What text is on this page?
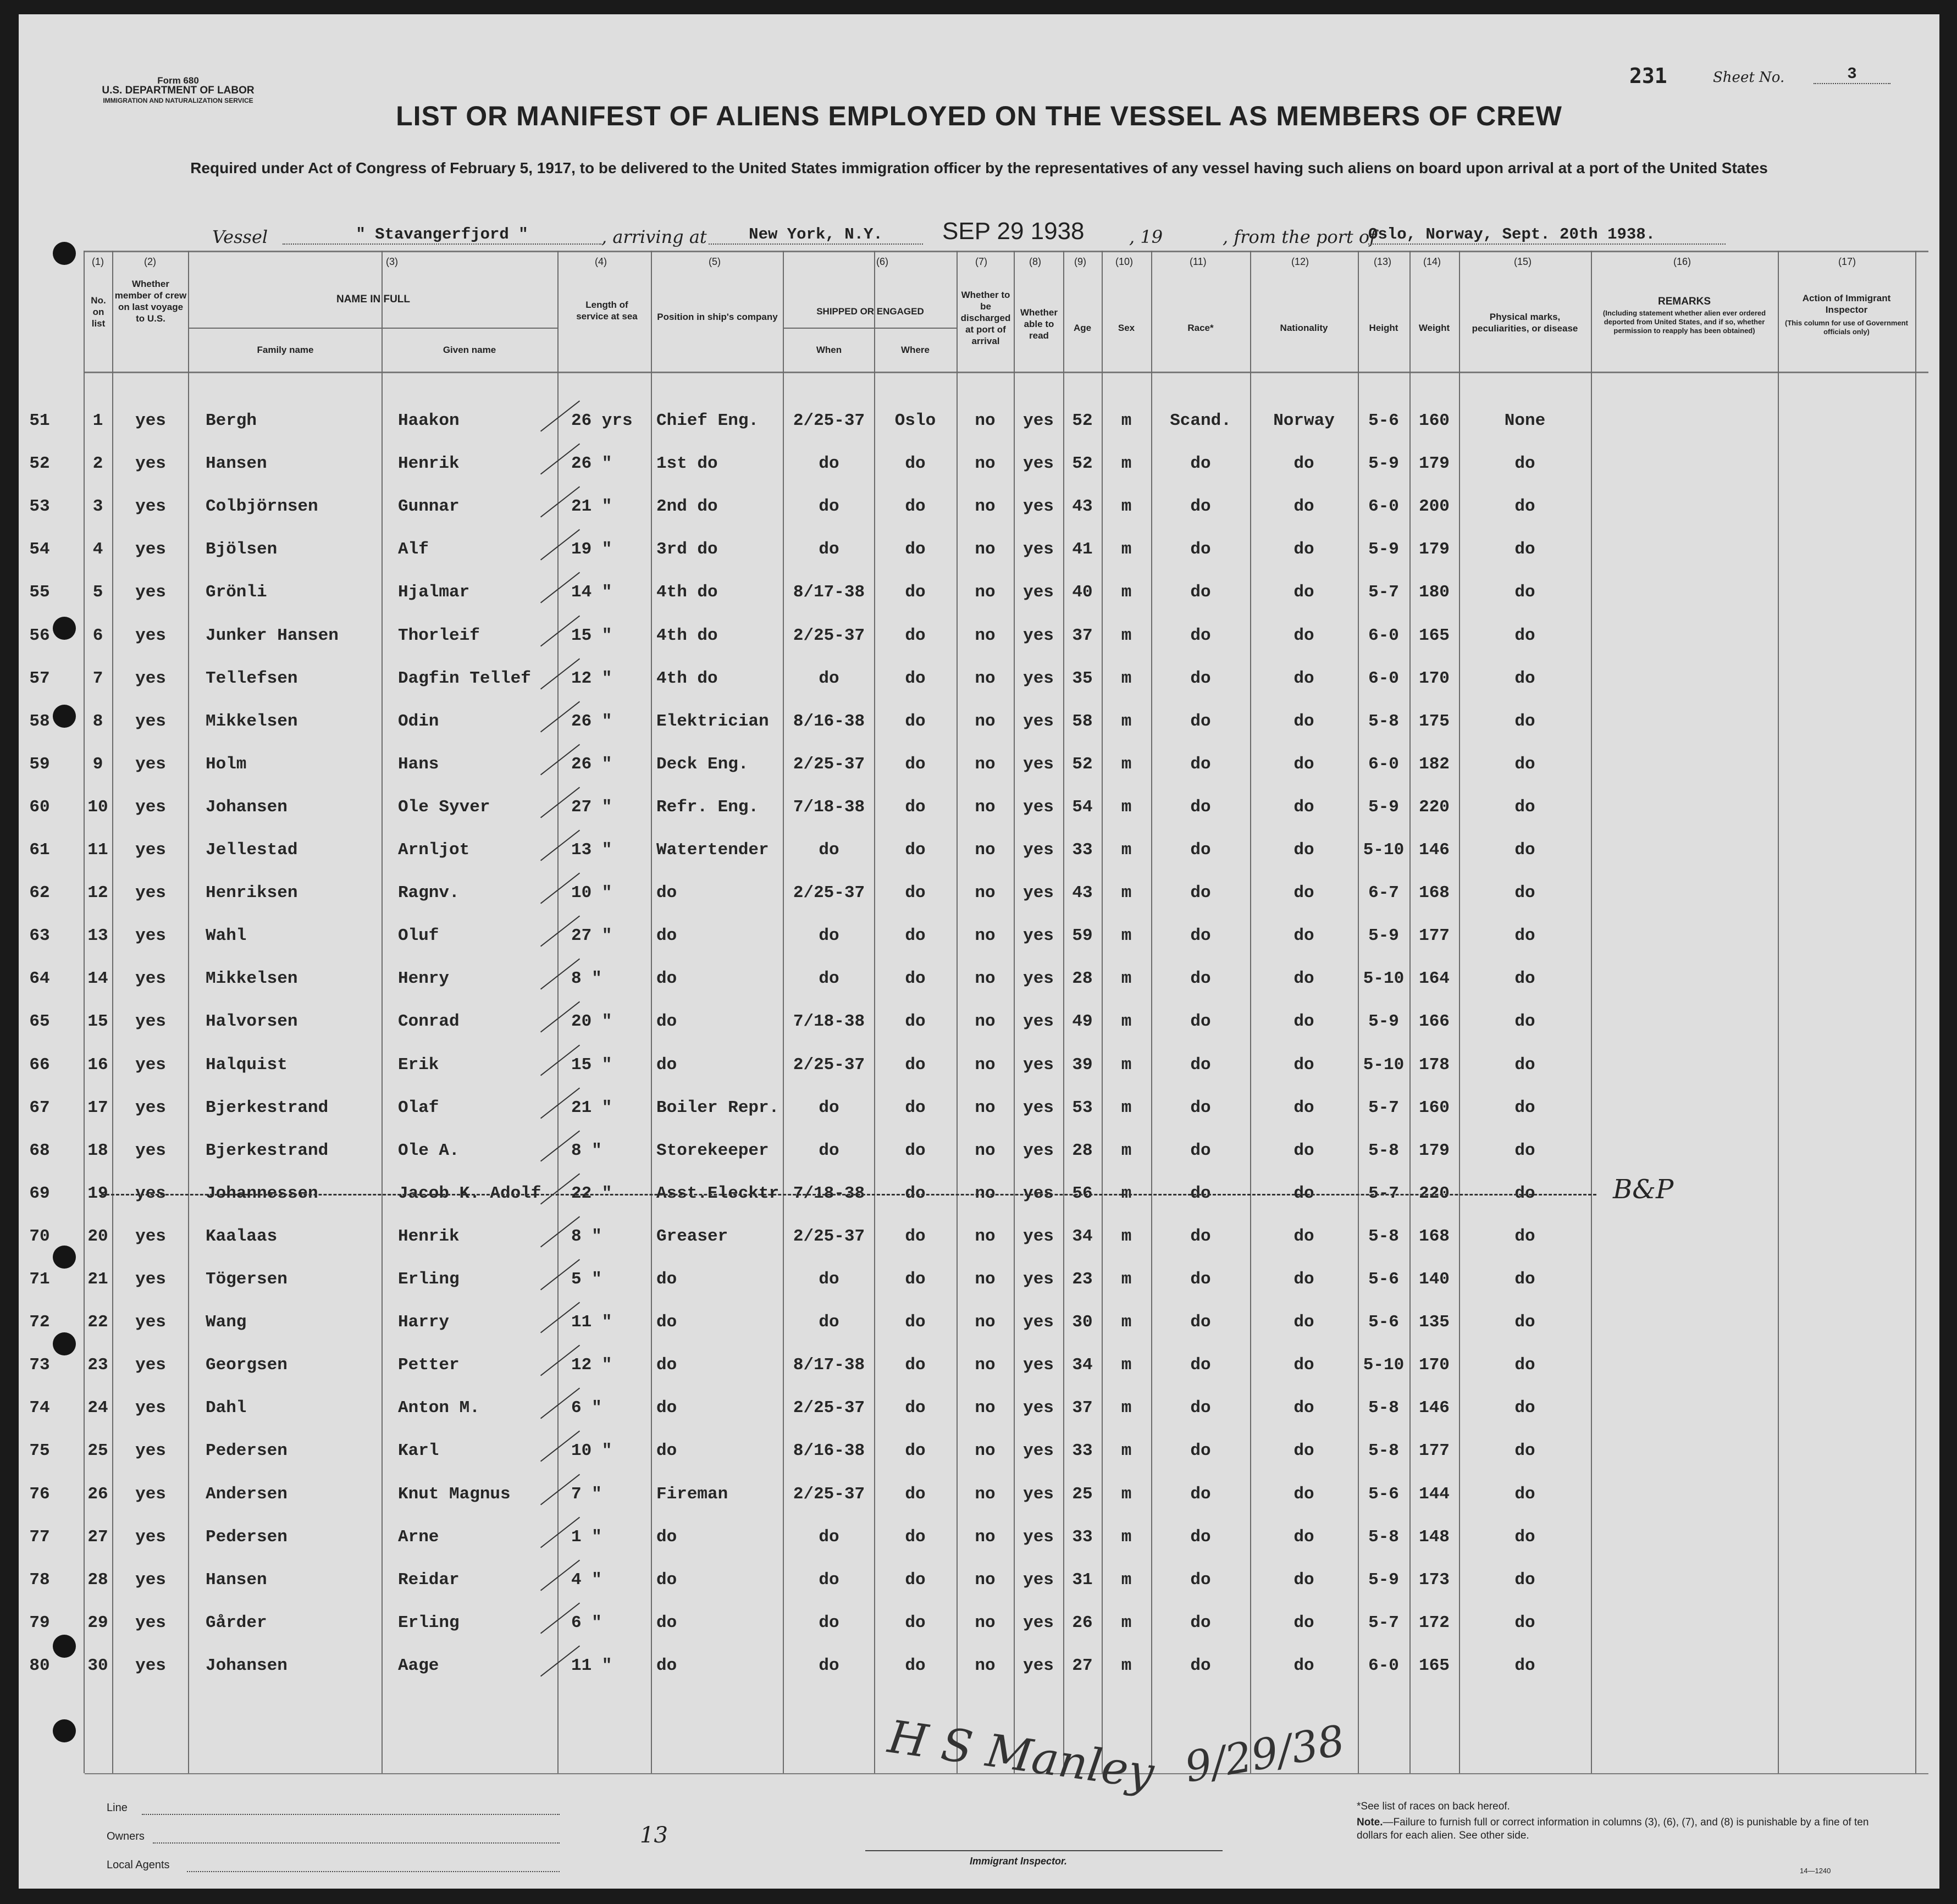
Form 680
U.S. DEPARTMENT OF LABOR
IMMIGRATION AND NATURALIZATION SERVICE
231	Sheet No.	3
LIST OR MANIFEST OF ALIENS EMPLOYED ON THE VESSEL AS MEMBERS OF CREW
Required under Act of Congress of February 5, 1917, to be delivered to the United States immigration officer by the representatives of any vessel having such aliens on board upon arrival at a port of the United States
Vessel	" Stavangerfjord "	, arriving at	New York, N.Y.	SEP 29 1938	, 19	, from the port of
Oslo, Norway, Sept. 20th 1938.
(1)
No. on list
(2)
Whether member of crew on last voyage to U.S.
(3)
NAME IN FULL
Family name	Given name
(4)
Length of service at sea
(5)
Position in ship's company
(6)
SHIPPED OR ENGAGED
When	Where
(7)
Whether to be discharged at port of arrival
(8)
Whether able to read
(9)
Age
(10)
Sex
(11)
Race*
(12)
Nationality
(13)
Height
(14)
Weight
(15)
Physical marks, peculiarities, or disease
(16)
REMARKS
(Including statement whether alien ever ordered deported from United States, and if so, whether permission to reapply has been obtained)
(17)
Action of Immigrant Inspector
(This column for use of Government officials only)
51	1	yes	Bergh	Haakon	26 yrs	Chief Eng.	2/25-37	Oslo	no	yes	52	m	Scand.	Norway	5-6	160	None
52	2	yes	Hansen	Henrik	26 "	1st do	do	do	no	yes	52	m	do	do	5-9	179	do
53	3	yes	Colbjörnsen	Gunnar	21 "	2nd do	do	do	no	yes	43	m	do	do	6-0	200	do
54	4	yes	Bjölsen	Alf	19 "	3rd do	do	do	no	yes	41	m	do	do	5-9	179	do
55	5	yes	Grönli	Hjalmar	14 "	4th do	8/17-38	do	no	yes	40	m	do	do	5-7	180	do
56	6	yes	Junker Hansen	Thorleif	15 "	4th do	2/25-37	do	no	yes	37	m	do	do	6-0	165	do
57	7	yes	Tellefsen	Dagfin Tellef	12 "	4th do	do	do	no	yes	35	m	do	do	6-0	170	do
58	8	yes	Mikkelsen	Odin	26 "	Elektrician	8/16-38	do	no	yes	58	m	do	do	5-8	175	do
59	9	yes	Holm	Hans	26 "	Deck Eng.	2/25-37	do	no	yes	52	m	do	do	6-0	182	do
60	10	yes	Johansen	Ole Syver	27 "	Refr. Eng.	7/18-38	do	no	yes	54	m	do	do	5-9	220	do
61	11	yes	Jellestad	Arnljot	13 "	Watertender	do	do	no	yes	33	m	do	do	5-10 146	do
62	12	yes	Henriksen	Ragnv.	10 "	do	2/25-37	do	no	yes	43	m	do	do	6-7	168	do
63	13	yes	Wahl	Oluf	27 "	do	do	do	no	yes	59	m	do	do	5-9	177	do
64	14	yes	Mikkelsen	Henry	8 "	do	do	do	no	yes	28	m	do	do	5-10 164	do
65	15	yes	Halvorsen	Conrad	20 "	do	7/18-38	do	no	yes	49	m	do	do	5-9	166	do
66	16	yes	Halquist	Erik	15 "	do	2/25-37	do	no	yes	39	m	do	do	5-10 178	do
67	17	yes	Bjerkestrand	Olaf	21 "	Boiler Repr.	do	do	no	yes	53	m	do	do	5-7	160	do
68	18	yes	Bjerkestrand	Ole A.	8 "	Storekeeper	do	do	no	yes	28	m	do	do	5-8	179	do
69	19	yes	Johannessen	Jacob K. Adolf	22 "	Asst.Elecktr 7/18-38	do	no	yes	56	m	do	do	5-7	220	do	B&P
70	20	yes	Kaalaas	Henrik	8 "	Greaser	2/25-37	do	no	yes	34	m	do	do	5-8	168	do
71	21	yes	Tögersen	Erling	5 "	do	do	do	no	yes	23	m	do	do	5-6	140	do
72	22	yes	Wang	Harry	11 "	do	do	do	no	yes	30	m	do	do	5-6	135	do
73	23	yes	Georgsen	Petter	12 "	do	8/17-38	do	no	yes	34	m	do	do	5-10 170	do
74	24	yes	Dahl	Anton M.	6 "	do	2/25-37	do	no	yes	37	m	do	do	5-8	146	do
75	25	yes	Pedersen	Karl	10 "	do	8/16-38	do	no	yes	33	m	do	do	5-8	177	do
76	26	yes	Andersen	Knut Magnus	7 "	Fireman	2/25-37	do	no	yes	25	m	do	do	5-6	144	do
77	27	yes	Pedersen	Arne	1 "	do	do	do	no	yes	33	m	do	do	5-8	148	do
78	28	yes	Hansen	Reidar	4 "	do	do	do	no	yes	31	m	do	do	5-9	173	do
79	29	yes	Gårder	Erling	6 "	do	do	do	no	yes	26	m	do	do	5-7	172	do
80	30	yes	Johansen	Aage	11 "	do	do	do	no	yes	27	m	do	do	6-0	165	do
Line
Owners
Local Agents
13
H S Manley 9/29/38
Immigrant Inspector.
*See list of races on back hereof.
Note.—Failure to furnish full or correct information in columns (3), (6), (7), and (8) is punishable by a fine of ten dollars for each alien. See other side.
14—1240
